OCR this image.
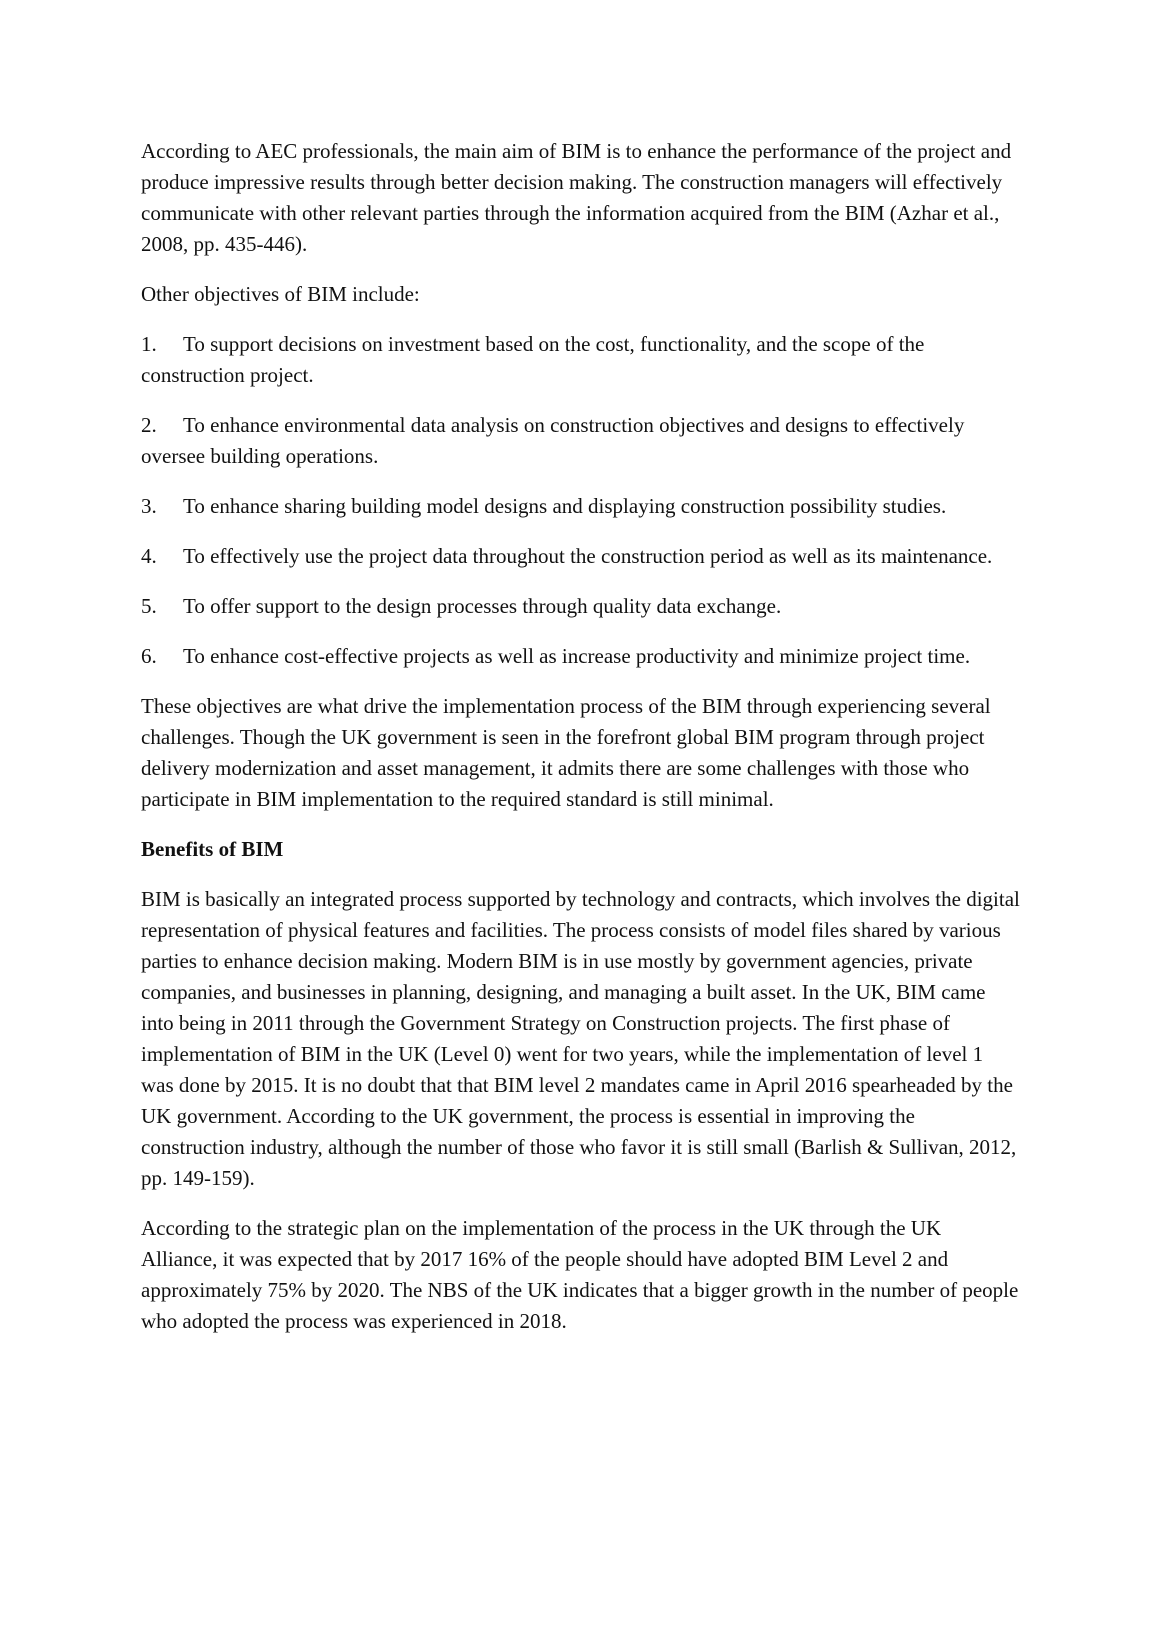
According to AEC professionals, the main aim of BIM is to enhance the performance of the project and produce impressive results through better decision making. The construction managers will effectively communicate with other relevant parties through the information acquired from the BIM (Azhar et al., 2008, pp. 435-446).

Other objectives of BIM include:

1. To support decisions on investment based on the cost, functionality, and the scope of the construction project.

2. To enhance environmental data analysis on construction objectives and designs to effectively oversee building operations.

3. To enhance sharing building model designs and displaying construction possibility studies.

4. To effectively use the project data throughout the construction period as well as its maintenance.

5. To offer support to the design processes through quality data exchange.

6. To enhance cost-effective projects as well as increase productivity and minimize project time.

These objectives are what drive the implementation process of the BIM through experiencing several challenges. Though the UK government is seen in the forefront global BIM program through project delivery modernization and asset management, it admits there are some challenges with those who participate in BIM implementation to the required standard is still minimal.

Benefits of BIM

BIM is basically an integrated process supported by technology and contracts, which involves the digital representation of physical features and facilities. The process consists of model files shared by various parties to enhance decision making. Modern BIM is in use mostly by government agencies, private companies, and businesses in planning, designing, and managing a built asset. In the UK, BIM came into being in 2011 through the Government Strategy on Construction projects. The first phase of implementation of BIM in the UK (Level 0) went for two years, while the implementation of level 1 was done by 2015. It is no doubt that that BIM level 2 mandates came in April 2016 spearheaded by the UK government. According to the UK government, the process is essential in improving the construction industry, although the number of those who favor it is still small (Barlish & Sullivan, 2012, pp. 149-159).

According to the strategic plan on the implementation of the process in the UK through the UK Alliance, it was expected that by 2017 16% of the people should have adopted BIM Level 2 and approximately 75% by 2020. The NBS of the UK indicates that a bigger growth in the number of people who adopted the process was experienced in 2018.
